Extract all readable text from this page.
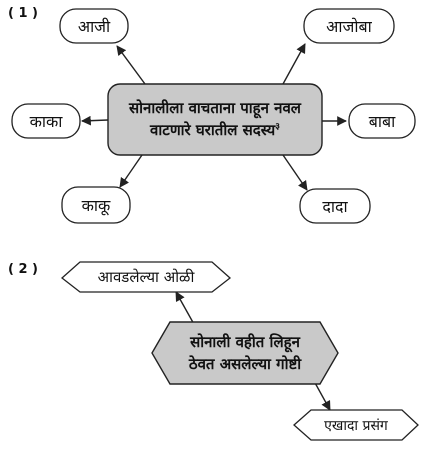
( 1 )
( 2 )
आजी	आजोबा
काका	बाबा
काकू	दादा
सोनालीला वाचताना पाहून नवल
वाटणारे घरातील सदस्य$^३$
आवडलेल्या ओळी
सोनाली वहीत लिहून
ठेवत असलेल्या गोष्टी
एखादा प्रसंग
